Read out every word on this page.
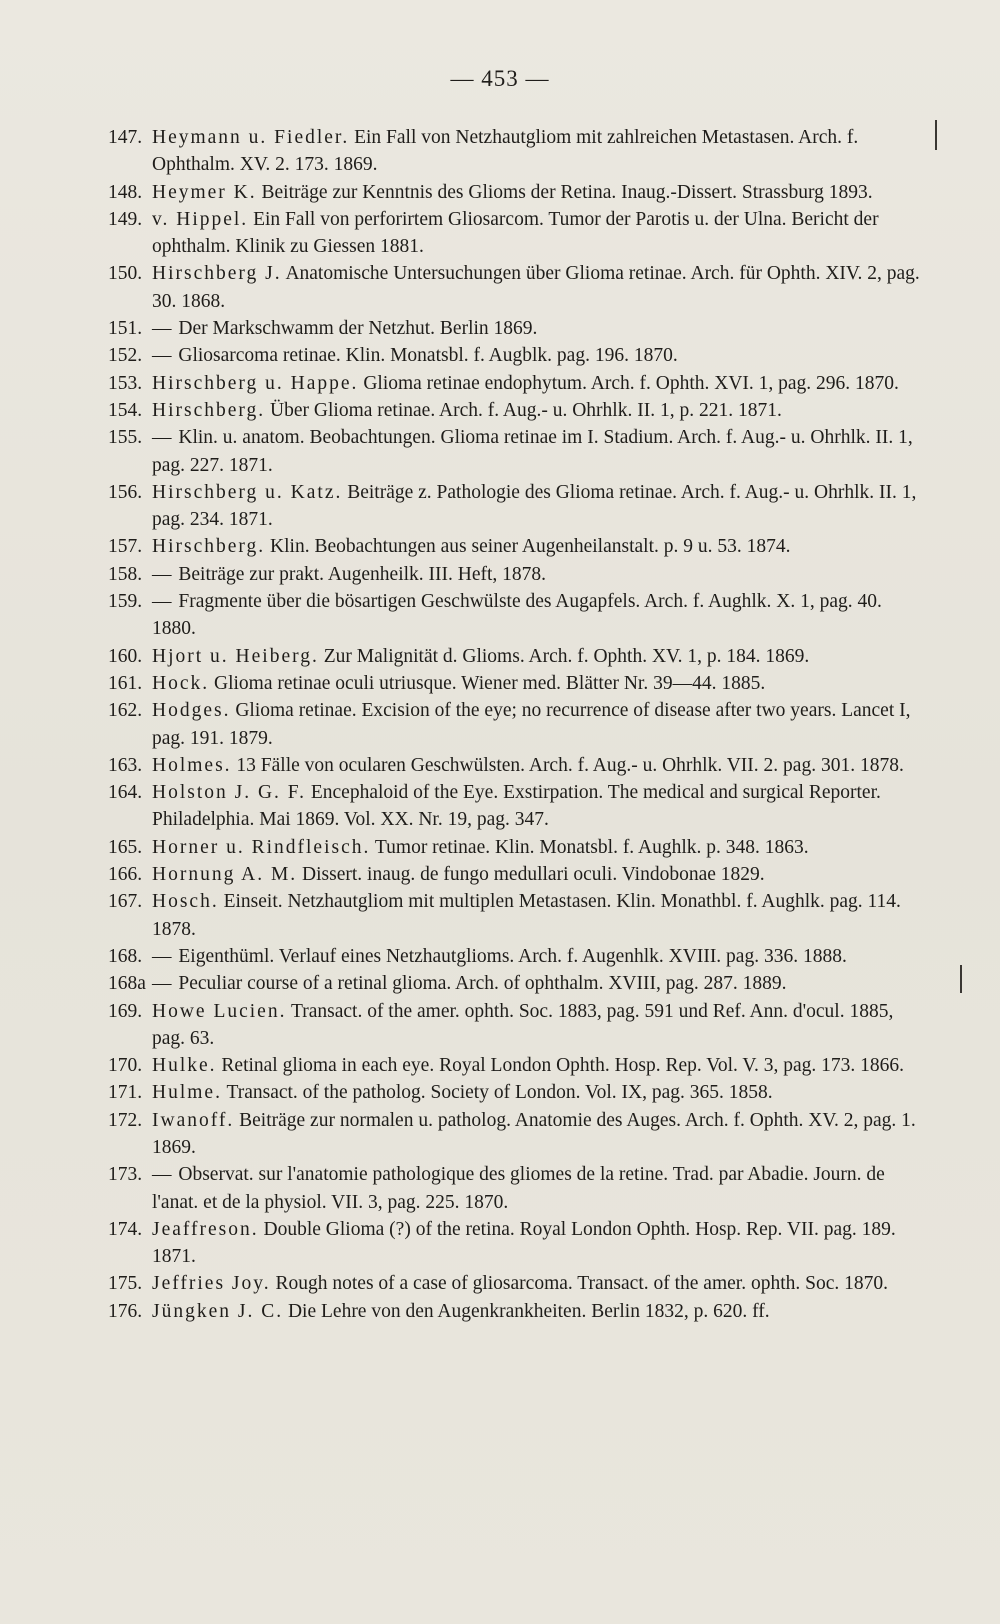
— 453 —
147. Heymann u. Fiedler. Ein Fall von Netzhautgliom mit zahlreichen Metastasen. Arch. f. Ophthalm. XV. 2. 173. 1869.
148. Heymer K. Beiträge zur Kenntnis des Glioms der Retina. Inaug.-Dissert. Strassburg 1893.
149. v. Hippel. Ein Fall von perforirtem Gliosarcom. Tumor der Parotis u. der Ulna. Bericht der ophthalm. Klinik zu Giessen 1881.
150. Hirschberg J. Anatomische Untersuchungen über Glioma retinae. Arch. für Ophth. XIV. 2, pag. 30. 1868.
151. — Der Markschwamm der Netzhut. Berlin 1869.
152. — Gliosarcoma retinae. Klin. Monatsbl. f. Augblk. pag. 196. 1870.
153. Hirschberg u. Happe. Glioma retinae endophytum. Arch. f. Ophth. XVI. 1, pag. 296. 1870.
154. Hirschberg. Über Glioma retinae. Arch. f. Aug.- u. Ohrhlk. II. 1, p. 221. 1871.
155. — Klin. u. anatom. Beobachtungen. Glioma retinae im I. Stadium. Arch. f. Aug.- u. Ohrhlk. II. 1, pag. 227. 1871.
156. Hirschberg u. Katz. Beiträge z. Pathologie des Glioma retinae. Arch. f. Aug.- u. Ohrhlk. II. 1, pag. 234. 1871.
157. Hirschberg. Klin. Beobachtungen aus seiner Augenheilanstalt. p. 9 u. 53. 1874.
158. — Beiträge zur prakt. Augenheilk. III. Heft, 1878.
159. — Fragmente über die bösartigen Geschwülste des Augapfels. Arch. f. Aughlk. X. 1, pag. 40. 1880.
160. Hjort u. Heiberg. Zur Malignität d. Glioms. Arch. f. Ophth. XV. 1, p. 184. 1869.
161. Hock. Glioma retinae oculi utriusque. Wiener med. Blätter Nr. 39—44. 1885.
162. Hodges. Glioma retinae. Excision of the eye; no recurrence of disease after two years. Lancet I, pag. 191. 1879.
163. Holmes. 13 Fälle von ocularen Geschwülsten. Arch. f. Aug.- u. Ohrhlk. VII. 2. pag. 301. 1878.
164. Holston J. G. F. Encephaloid of the Eye. Exstirpation. The medical and surgical Reporter. Philadelphia. Mai 1869. Vol. XX. Nr. 19, pag. 347.
165. Horner u. Rindfleisch. Tumor retinae. Klin. Monatsbl. f. Aughlk. p. 348. 1863.
166. Hornung A. M. Dissert. inaug. de fungo medullari oculi. Vindobonae 1829.
167. Hosch. Einseit. Netzhautgliom mit multiplen Metastasen. Klin. Monathbl. f. Aughlk. pag. 114. 1878.
168. — Eigenthüml. Verlauf eines Netzhautglioms. Arch. f. Augenhlk. XVIII. pag. 336. 1888.
168a — Peculiar course of a retinal glioma. Arch. of ophthalm. XVIII, pag. 287. 1889.
169. Howe Lucien. Transact. of the amer. ophth. Soc. 1883, pag. 591 und Ref. Ann. d'ocul. 1885, pag. 63.
170. Hulke. Retinal glioma in each eye. Royal London Ophth. Hosp. Rep. Vol. V. 3, pag. 173. 1866.
171. Hulme. Transact. of the patholog. Society of London. Vol. IX, pag. 365. 1858.
172. Iwanoff. Beiträge zur normalen u. patholog. Anatomie des Auges. Arch. f. Ophth. XV. 2, pag. 1. 1869.
173. — Observat. sur l'anatomie pathologique des gliomes de la retine. Trad. par Abadie. Journ. de l'anat. et de la physiol. VII. 3, pag. 225. 1870.
174. Jeaffreson. Double Glioma (?) of the retina. Royal London Ophth. Hosp. Rep. VII. pag. 189. 1871.
175. Jeffries Joy. Rough notes of a case of gliosarcoma. Transact. of the amer. ophth. Soc. 1870.
176. Jüngken J. C. Die Lehre von den Augenkrankheiten. Berlin 1832, p. 620. ff.
